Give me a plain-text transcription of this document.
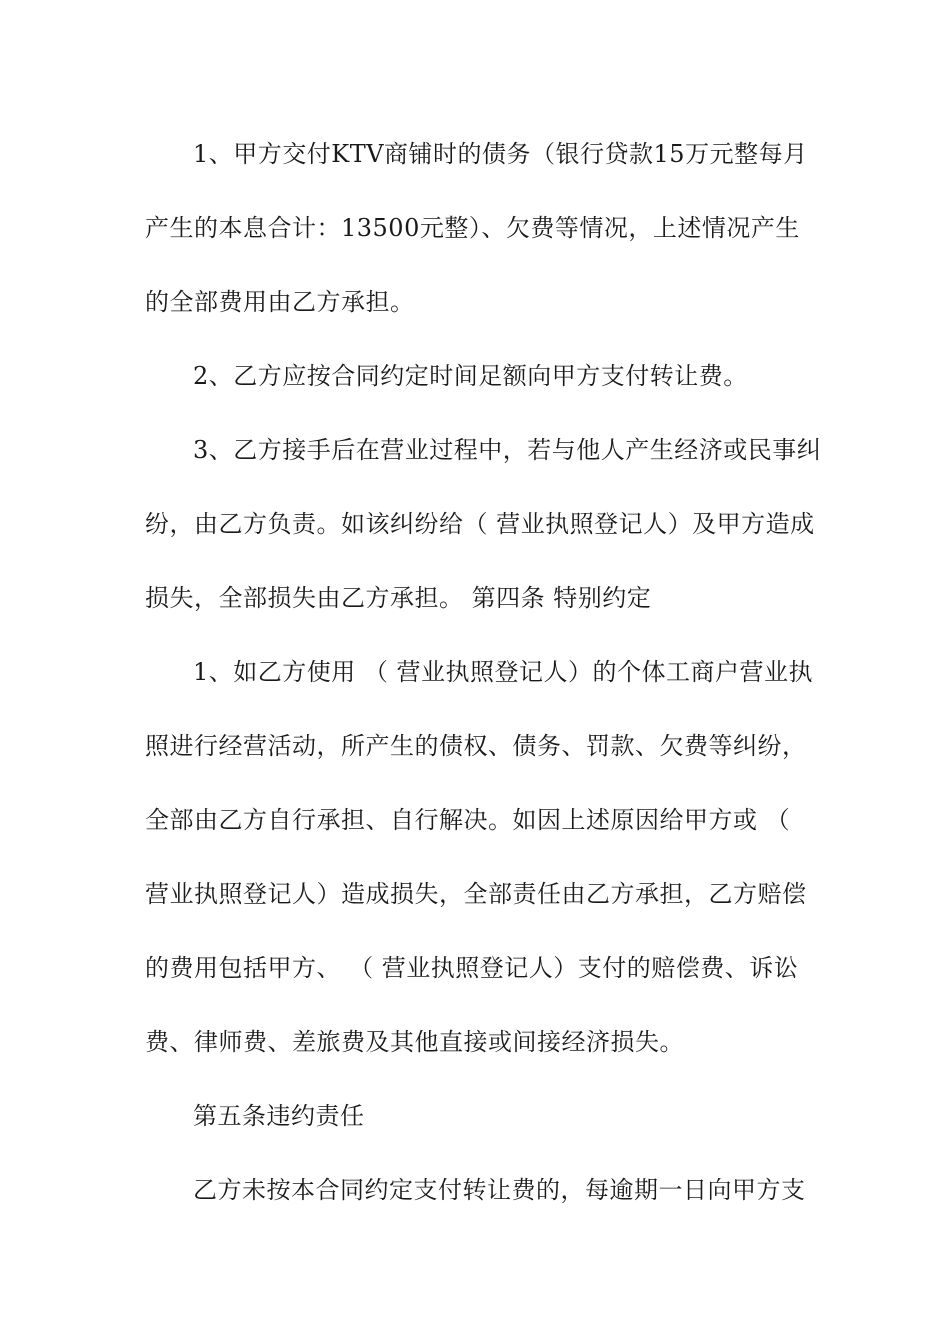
1、甲方交付KTV商铺时的债务（银行贷款15万元整每月
产生的本息合计：13500元整）、欠费等情况，上述情况产生
的全部费用由乙方承担。
2、乙方应按合同约定时间足额向甲方支付转让费。
3、乙方接手后在营业过程中，若与他人产生经济或民事纠
纷，由乙方负责。如该纠纷给（ 营业执照登记人）及甲方造成
损失，全部损失由乙方承担。 第四条 特别约定
1、如乙方使用 （ 营业执照登记人）的个体工商户营业执
照进行经营活动，所产生的债权、债务、罚款、欠费等纠纷，
全部由乙方自行承担、自行解决。如因上述原因给甲方或 （
营业执照登记人）造成损失，全部责任由乙方承担，乙方赔偿
的费用包括甲方、 （ 营业执照登记人）支付的赔偿费、诉讼
费、律师费、差旅费及其他直接或间接经济损失。
第五条违约责任
乙方未按本合同约定支付转让费的，每逾期一日向甲方支
